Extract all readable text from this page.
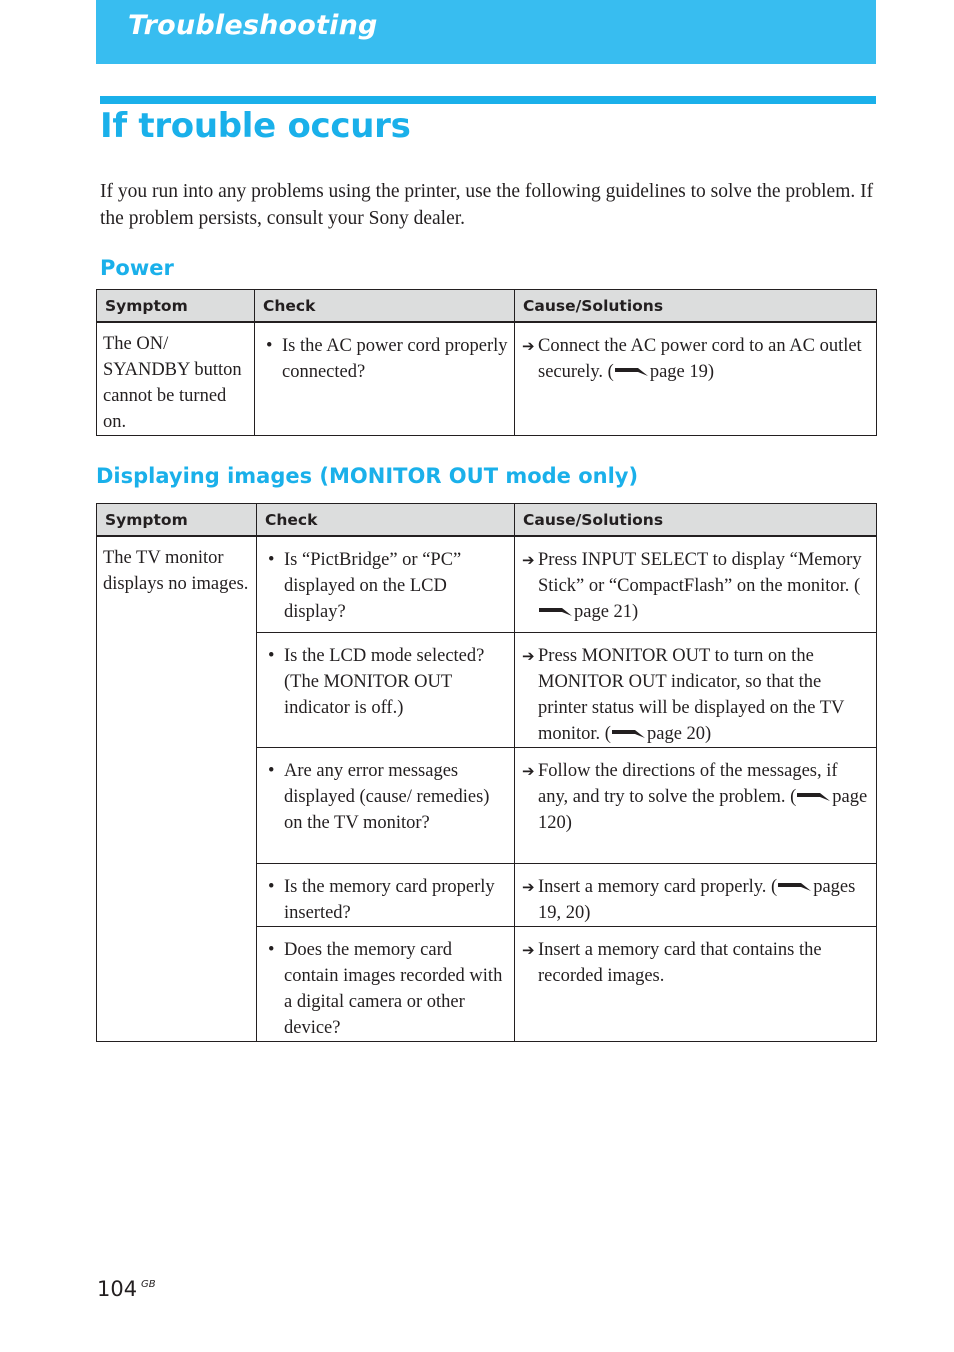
Troubleshooting
If trouble occurs

If you run into any problems using the printer, use the following guidelines to solve the problem. If the problem persists, consult your Sony dealer.

Power
Symptom	Check	Cause/Solutions
The ON/ SYANDBY button cannot be turned on.	• Is the AC power cord properly connected?	➔ Connect the AC power cord to an AC outlet securely. ( page 19)
Displaying images (MONITOR OUT mode only)
Symptom	Check	Cause/Solutions
The TV monitor displays no images.	• Is “PictBridge” or “PC” displayed on the LCD display?	➔ Press INPUT SELECT to display “Memory Stick” or “CompactFlash” on the monitor. (page 21)

	• Is the LCD mode selected? (The MONITOR OUT indicator is off.)	➔ Press MONITOR OUT to turn on the MONITOR OUT indicator, so that the printer status will be displayed on the TV monitor. ( page 20)

	• Are any error messages displayed (cause/ remedies) on the TV monitor?	➔ Follow the directions of the messages, if any, and try to solve the problem. ( page 120)

	• Is the memory card properly inserted?	➔ Insert a memory card properly. ( pages 19, 20)

	• Does the memory card contain images recorded with a digital camera or other device?	➔ Insert a memory card that contains the recorded images.
104 GB
